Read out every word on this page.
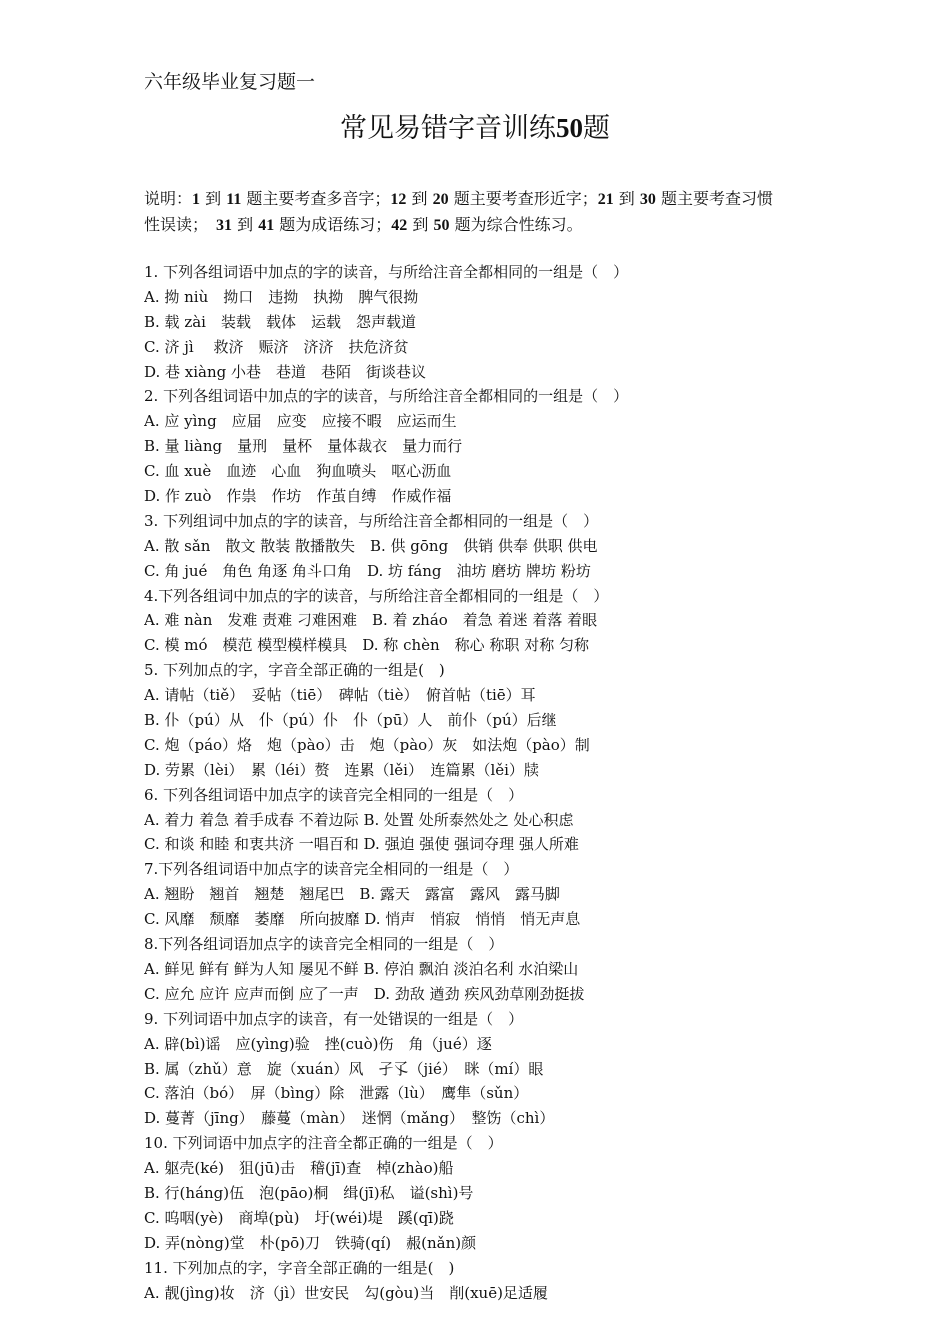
六年级毕业复习题一
常见易错字音训练50题

说明：1 到 11 题主要考查多音字；12 到 20 题主要考查形近字；21 到 30 题主要考查习惯

性误读；　31 到 41 题为成语练习；42 到 50 题为综合性练习。

1. 下列各组词语中加点的字的读音，与所给注音全都相同的一组是（　）
A. 拗 niù　拗口　违拗　执拗　脾气很拗
B. 载 zài　装载　载体　运载　怨声载道
C. 济 jì　 救济　赈济　济济　扶危济贫
D. 巷 xiàng 小巷　巷道　巷陌　街谈巷议
2. 下列各组词语中加点的字的读音，与所给注音全都相同的一组是（　）
A. 应 yìng　应届　应变　应接不暇　应运而生
B. 量 liàng　量刑　量杯　量体裁衣　量力而行
C. 血 xuè　血迹　心血　狗血喷头　呕心沥血
D. 作 zuò　作祟　作坊　作茧自缚　作威作福
3. 下列组词中加点的字的读音，与所给注音全都相同的一组是（　）
A. 散 sǎn　散文 散装 散播散失　B. 供 gōng　供销 供奉 供职 供电
C. 角 jué　角色 角逐 角斗口角　D. 坊 fáng　油坊 磨坊 牌坊 粉坊
4.下列各组词中加点的字的读音，与所给注音全都相同的一组是（　）
A. 难 nàn　发难 责难 刁难困难　B. 着 zháo　着急 着迷 着落 着眼
C. 模 mó　模范 模型模样模具　D. 称 chèn　称心 称职 对称 匀称
5. 下列加点的字，字音全部正确的一组是(　)
A. 请帖（tiě）　妥帖（tiē）　碑帖（tiè）　俯首帖（tiē）耳
B. 仆（pú）从　仆（pú）仆　仆（pū）人　前仆（pú）后继
C. 炮（páo）烙　炮（pào）击　炮（pào）灰　如法炮（pào）制
D. 劳累（lèi）　累（léi）赘　连累（lěi）　连篇累（lěi）牍
6. 下列各组词语中加点字的读音完全相同的一组是（　）
A. 着力 着急 着手成春 不着边际 B. 处置 处所泰然处之 处心积虑
C. 和谈 和睦 和衷共济 一唱百和 D. 强迫 强使 强词夺理 强人所难
7.下列各组词语中加点字的读音完全相同的一组是（　）
A. 翘盼　翘首　翘楚　翘尾巴　B. 露天　露富　露风　露马脚
C. 风靡　颓靡　萎靡　所向披靡 D. 悄声　悄寂　悄悄　悄无声息
8.下列各组词语加点字的读音完全相同的一组是（　）
A. 鲜见 鲜有 鲜为人知 屡见不鲜 B. 停泊 飘泊 淡泊名利 水泊梁山
C. 应允 应许 应声而倒 应了一声　D. 劲敌 遒劲 疾风劲草刚劲挺拔
9. 下列词语中加点字的读音，有一处错误的一组是（　）
A. 辟(bì)谣　应(yìng)验　挫(cuò)伤　角（jué）逐
B. 属（zhǔ）意　旋（xuán）风　孑孓（jié）　眯（mí）眼
C. 落泊（bó）　屏（bìng）除　泄露（lù）　鹰隼（sǔn）
D. 蔓菁（jīng）　藤蔓（màn）　迷惘（mǎng）　整饬（chì）
10. 下列词语中加点字的注音全都正确的一组是（　）
A. 躯壳(ké)　狙(jū)击　稽(jī)查　棹(zhào)船
B. 行(háng)伍　泡(pāo)桐　缉(jī)私　谥(shì)号
C. 呜咽(yè)　商埠(pù)　圩(wéi)堤　蹊(qī)跷
D. 弄(nòng)堂　朴(pō)刀　铁骑(qí)　赧(nǎn)颜
11. 下列加点的字，字音全部正确的一组是(　)
A. 靓(jìng)妆　济（jì）世安民　勾(gòu)当　削(xuē)足适履
